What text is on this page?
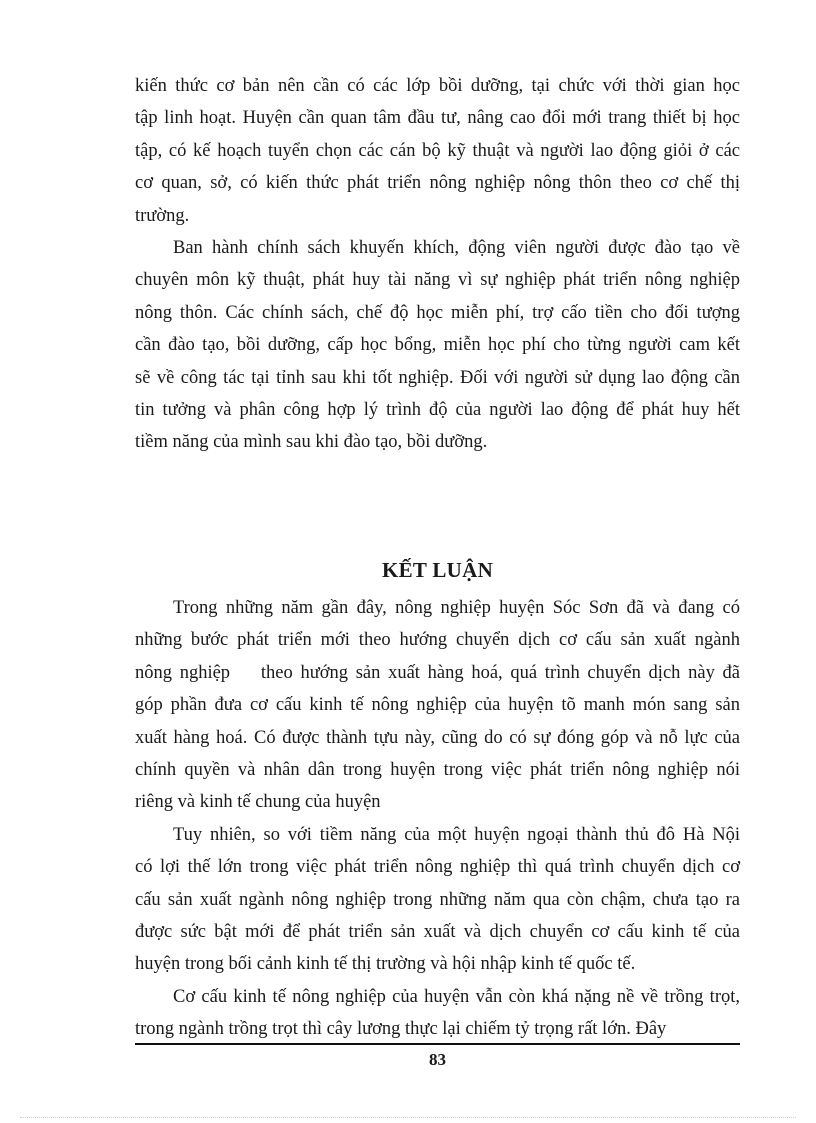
kiến thức cơ bản nên cần có các lớp bồi dưỡng, tại chức với thời gian học
tập linh hoạt. Huyện cần quan tâm đầu tư, nâng cao đổi mới trang thiết bị học
tập, có kế hoạch tuyển chọn các cán bộ kỹ thuật và người lao động giỏi ở các
cơ quan, sở, có kiến thức phát triển nông nghiệp nông thôn theo cơ chế thị
trường.

Ban hành chính sách khuyến khích, động viên người được đào tạo về
chuyên môn kỹ thuật, phát huy tài năng vì sự nghiệp phát triển nông nghiệp
nông thôn. Các chính sách, chế độ học miễn phí, trợ cấo tiền cho đối tượng
cần đào tạo, bồi dưỡng, cấp học bổng, miễn học phí cho từng người cam kết
sẽ về công tác tại tỉnh sau khi tốt nghiệp. Đối với người sử dụng lao động cần
tin tưởng và phân công hợp lý trình độ của người lao động để phát huy hết
tiềm năng của mình sau khi đào tạo, bồi dưỡng.

KẾT LUẬN

Trong những năm gần đây, nông nghiệp huyện Sóc Sơn đã và đang có
những bước phát triển mới theo hướng chuyển dịch cơ cấu sản xuất ngành
nông nghiệp    theo hướng sản xuất hàng hoá, quá trình chuyển dịch này đã
góp phần đưa cơ cấu kinh tế nông nghiệp của huyện tõ manh món sang sản
xuất hàng hoá. Có được thành tựu này, cũng do có sự đóng góp và nỗ lực của
chính quyền và nhân dân trong huyện trong việc phát triển nông nghiệp nói
riêng và kinh tế chung của huyện

Tuy nhiên, so với tiềm năng của một huyện ngoại thành thủ đô Hà Nội
có lợi thế lớn trong việc phát triển nông nghiệp thì quá trình chuyển dịch cơ
cấu sản xuất ngành nông nghiệp trong những năm qua còn chậm, chưa tạo ra
được sức bật mới để phát triển sản xuất và dịch chuyển cơ cấu kinh tế của
huyện trong bối cảnh kinh tế thị trường và hội nhập kinh tế quốc tế.

Cơ cấu kinh tế nông nghiệp của huyện vẫn còn khá nặng nề về trồng trọt,
trong ngành trồng trọt thì cây lương thực lại chiếm tỷ trọng rất lớn. Đây

83
